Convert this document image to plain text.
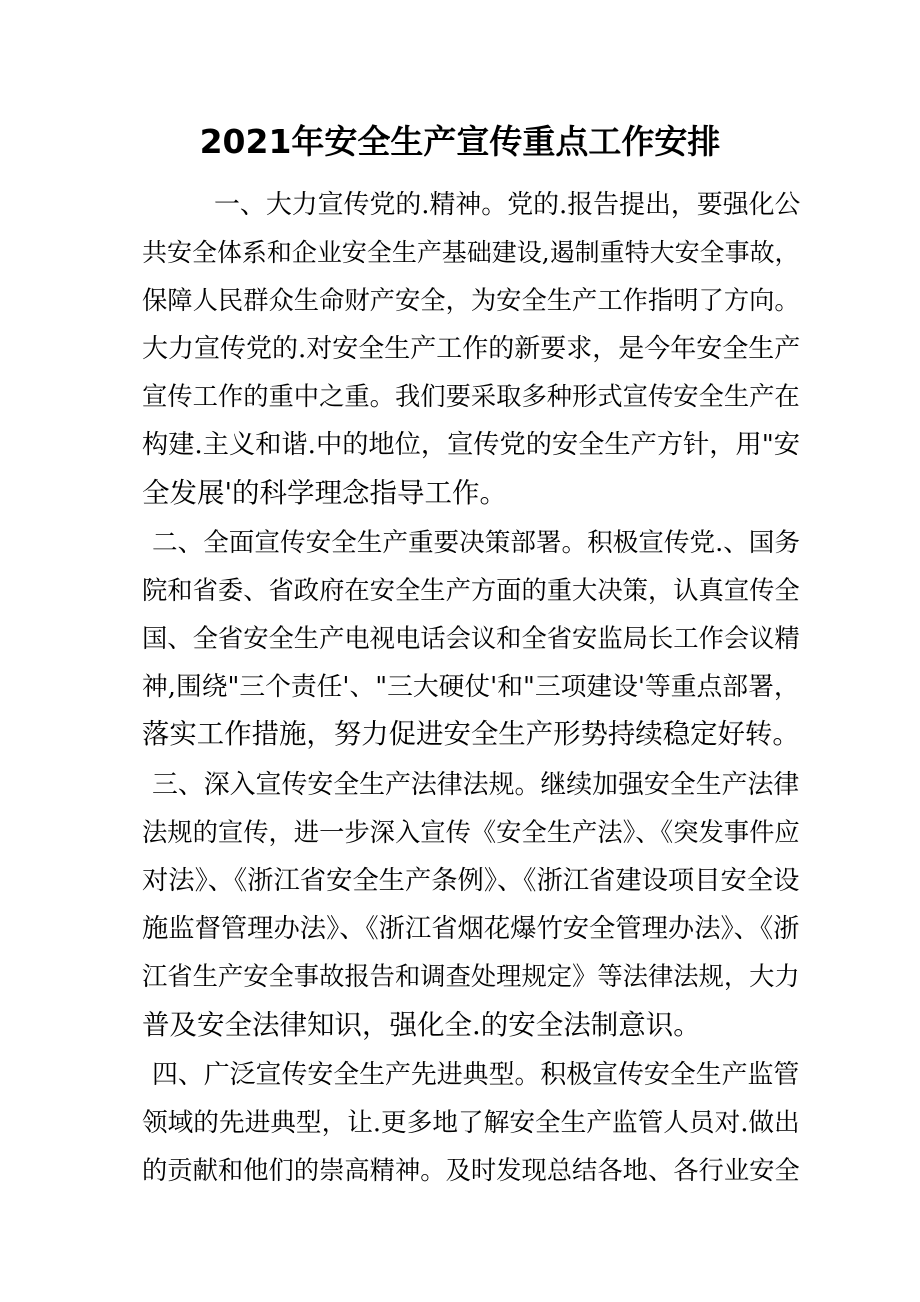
2021年安全生产宣传重点工作安排
一、大力宣传党的.精神。党的.报告提出，要强化公
共安全体系和企业安全生产基础建设,遏制重特大安全事故，
保障人民群众生命财产安全，为安全生产工作指明了方向。
大力宣传党的.对安全生产工作的新要求，是今年安全生产
宣传工作的重中之重。我们要采取多种形式宣传安全生产在
构建.主义和谐.中的地位，宣传党的安全生产方针，用"安
全发展'的科学理念指导工作。
二、全面宣传安全生产重要决策部署。积极宣传党.、国务
院和省委、省政府在安全生产方面的重大决策，认真宣传全
国、全省安全生产电视电话会议和全省安监局长工作会议精
神,围绕"三个责任'、"三大硬仗'和"三项建设'等重点部署，
落实工作措施，努力促进安全生产形势持续稳定好转。
三、深入宣传安全生产法律法规。继续加强安全生产法律
法规的宣传，进一步深入宣传《安全生产法》、《突发事件应
对法》、《浙江省安全生产条例》、《浙江省建设项目安全设
施监督管理办法》、《浙江省烟花爆竹安全管理办法》、《浙
江省生产安全事故报告和调查处理规定》等法律法规，大力
普及安全法律知识，强化全.的安全法制意识。
四、广泛宣传安全生产先进典型。积极宣传安全生产监管
领域的先进典型，让.更多地了解安全生产监管人员对.做出
的贡献和他们的崇高精神。及时发现总结各地、各行业安全
